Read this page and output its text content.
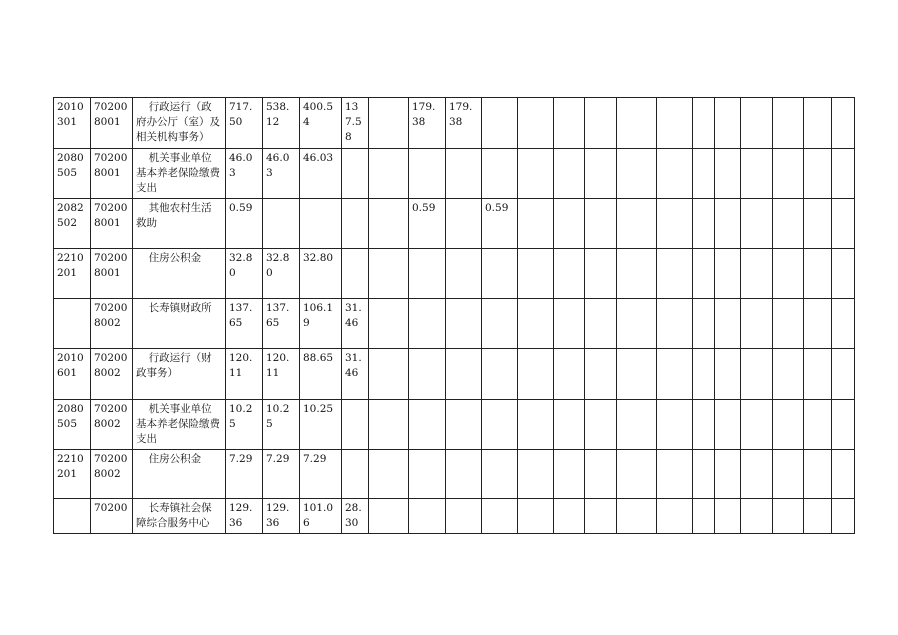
2010301	702008001	行政运行（政府办公厅（室）及相关机构事务）	717.50	538.12	400.54	137.58		179.38	179.38												

2080505	702008001	机关事业单位基本养老保险缴费支出	46.03	46.03	46.03																

2082502	702008001	其他农村生活救助	0.59					0.59		0.59											

2210201	702008001	住房公积金	32.80	32.80	32.80																

	702008002	长寿镇财政所	137.65	137.65	106.19	31.46															

2010601	702008002	行政运行（财政事务）	120.11	120.11	88.65	31.46															

2080505	702008002	机关事业单位基本养老保险缴费支出	10.25	10.25	10.25																

2210201	702008002	住房公积金	7.29	7.29	7.29																

	70200	长寿镇社会保障综合服务中心	129.36	129.36	101.06	28.30															
